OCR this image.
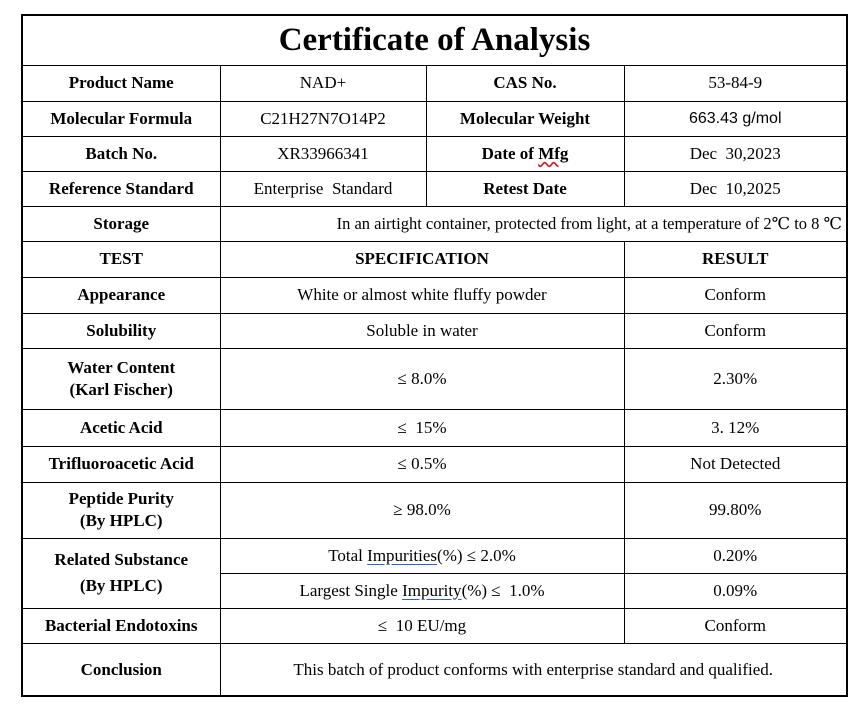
Certificate of Analysis
Product Name	NAD+	CAS No.	53-84-9
Molecular Formula	C21H27N7O14P2	Molecular Weight	663.43 g/mol
Batch No.	XR33966341	Date of Mfg	Dec  30,2023
Reference Standard	Enterprise  Standard	Retest Date	Dec  10,2025
Storage	In an airtight container, protected from light, at a temperature of 2℃ to 8 ℃		
TEST	SPECIFICATION		RESULT
Appearance	White or almost white fluffy powder		Conform
Solubility	Soluble in water		Conform

Water Content
(Karl Fischer)	≤ 8.0%		2.30%
Acetic Acid	≤  15%		3. 12%
Trifluoroacetic Acid	≤ 0.5%		Not Detected

Peptide Purity
(By HPLC)	≥ 98.0%		99.80%

Related Substance
(By HPLC)	Total Impurities(%) ≤ 2.0%		0.20%
	Largest Single Impurity(%) ≤  1.0%		0.09%
Bacterial Endotoxins	≤  10 EU/mg		Conform
Conclusion	This batch of product conforms with enterprise standard and qualified.		
